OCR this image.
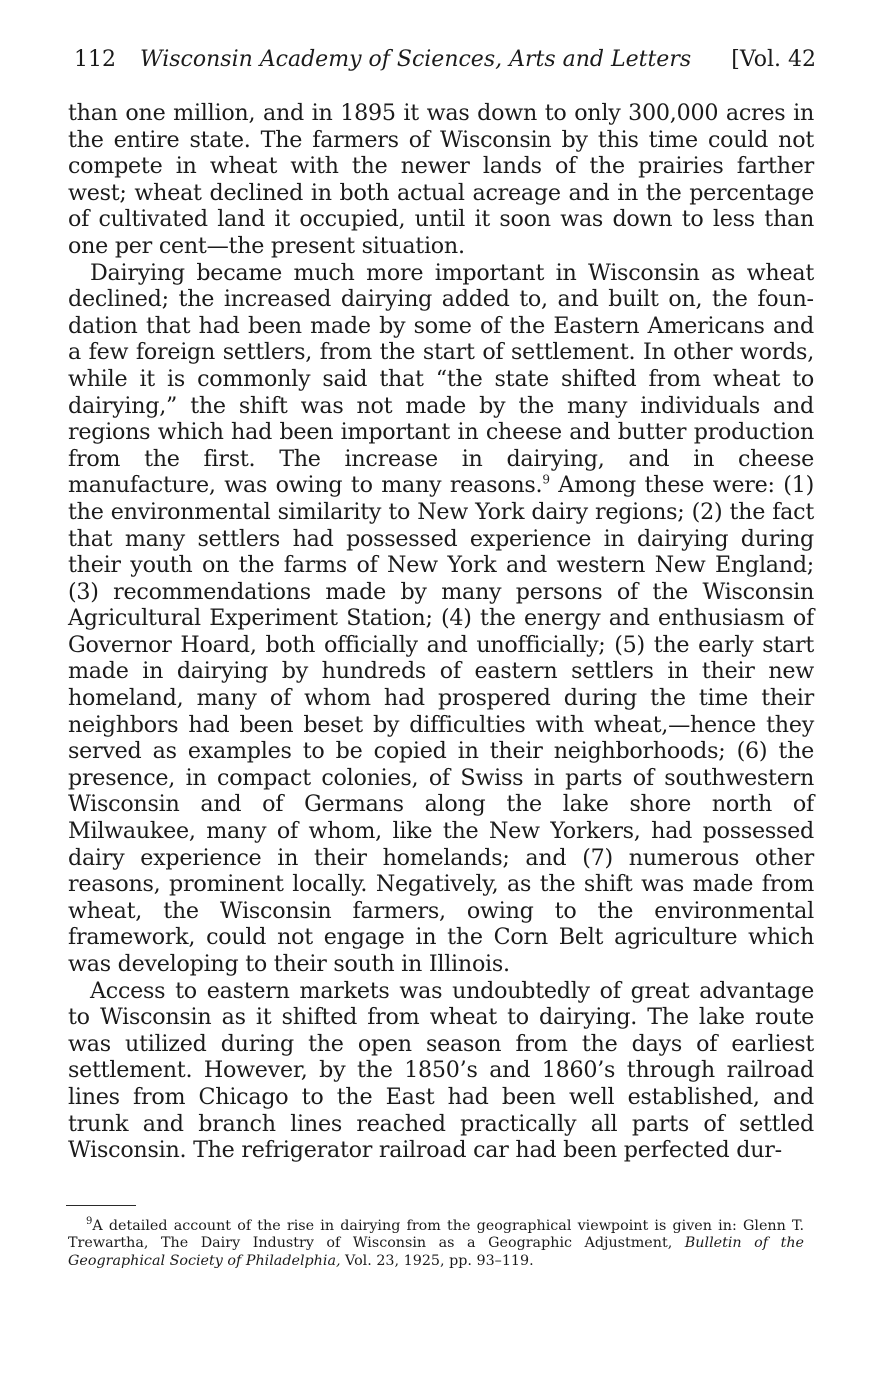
112 Wisconsin Academy of Sciences, Arts and Letters [Vol. 42

than one million, and in 1895 it was down to only 300,000 acres in the entire state. The farmers of Wisconsin by this time could not compete in wheat with the newer lands of the prairies farther west; wheat declined in both actual acreage and in the percentage of cultivated land it occupied, until it soon was down to less than one per cent—the present situation.

Dairying became much more important in Wisconsin as wheat declined; the increased dairying added to, and built on, the foundation that had been made by some of the Eastern Americans and a few foreign settlers, from the start of settlement. In other words, while it is commonly said that “the state shifted from wheat to dairying,” the shift was not made by the many individuals and regions which had been important in cheese and butter production from the first. The increase in dairying, and in cheese manufacture, was owing to many reasons.$^9$ Among these were: (1) the environmental similarity to New York dairy regions; (2) the fact that many settlers had possessed experience in dairying during their youth on the farms of New York and western New England; (3) recommendations made by many persons of the Wisconsin Agricultural Experiment Station; (4) the energy and enthusiasm of Governor Hoard, both officially and unofficially; (5) the early start made in dairying by hundreds of eastern settlers in their new homeland, many of whom had prospered during the time their neighbors had been beset by difficulties with wheat,—hence they served as examples to be copied in their neighborhoods; (6) the presence, in compact colonies, of Swiss in parts of southwestern Wisconsin and of Germans along the lake shore north of Milwaukee, many of whom, like the New Yorkers, had possessed dairy experience in their homelands; and (7) numerous other reasons, prominent locally. Negatively, as the shift was made from wheat, the Wisconsin farmers, owing to the environmental framework, could not engage in the Corn Belt agriculture which was developing to their south in Illinois.

Access to eastern markets was undoubtedly of great advantage to Wisconsin as it shifted from wheat to dairying. The lake route was utilized during the open season from the days of earliest settlement. However, by the 1850’s and 1860’s through railroad lines from Chicago to the East had been well established, and trunk and branch lines reached practically all parts of settled Wisconsin. The refrigerator railroad car had been perfected dur-

$^9$A detailed account of the rise in dairying from the geographical viewpoint is given in: Glenn T. Trewartha, The Dairy Industry of Wisconsin as a Geographic Adjustment, Bulletin of the Geographical Society of Philadelphia, Vol. 23, 1925, pp. 93–119.
